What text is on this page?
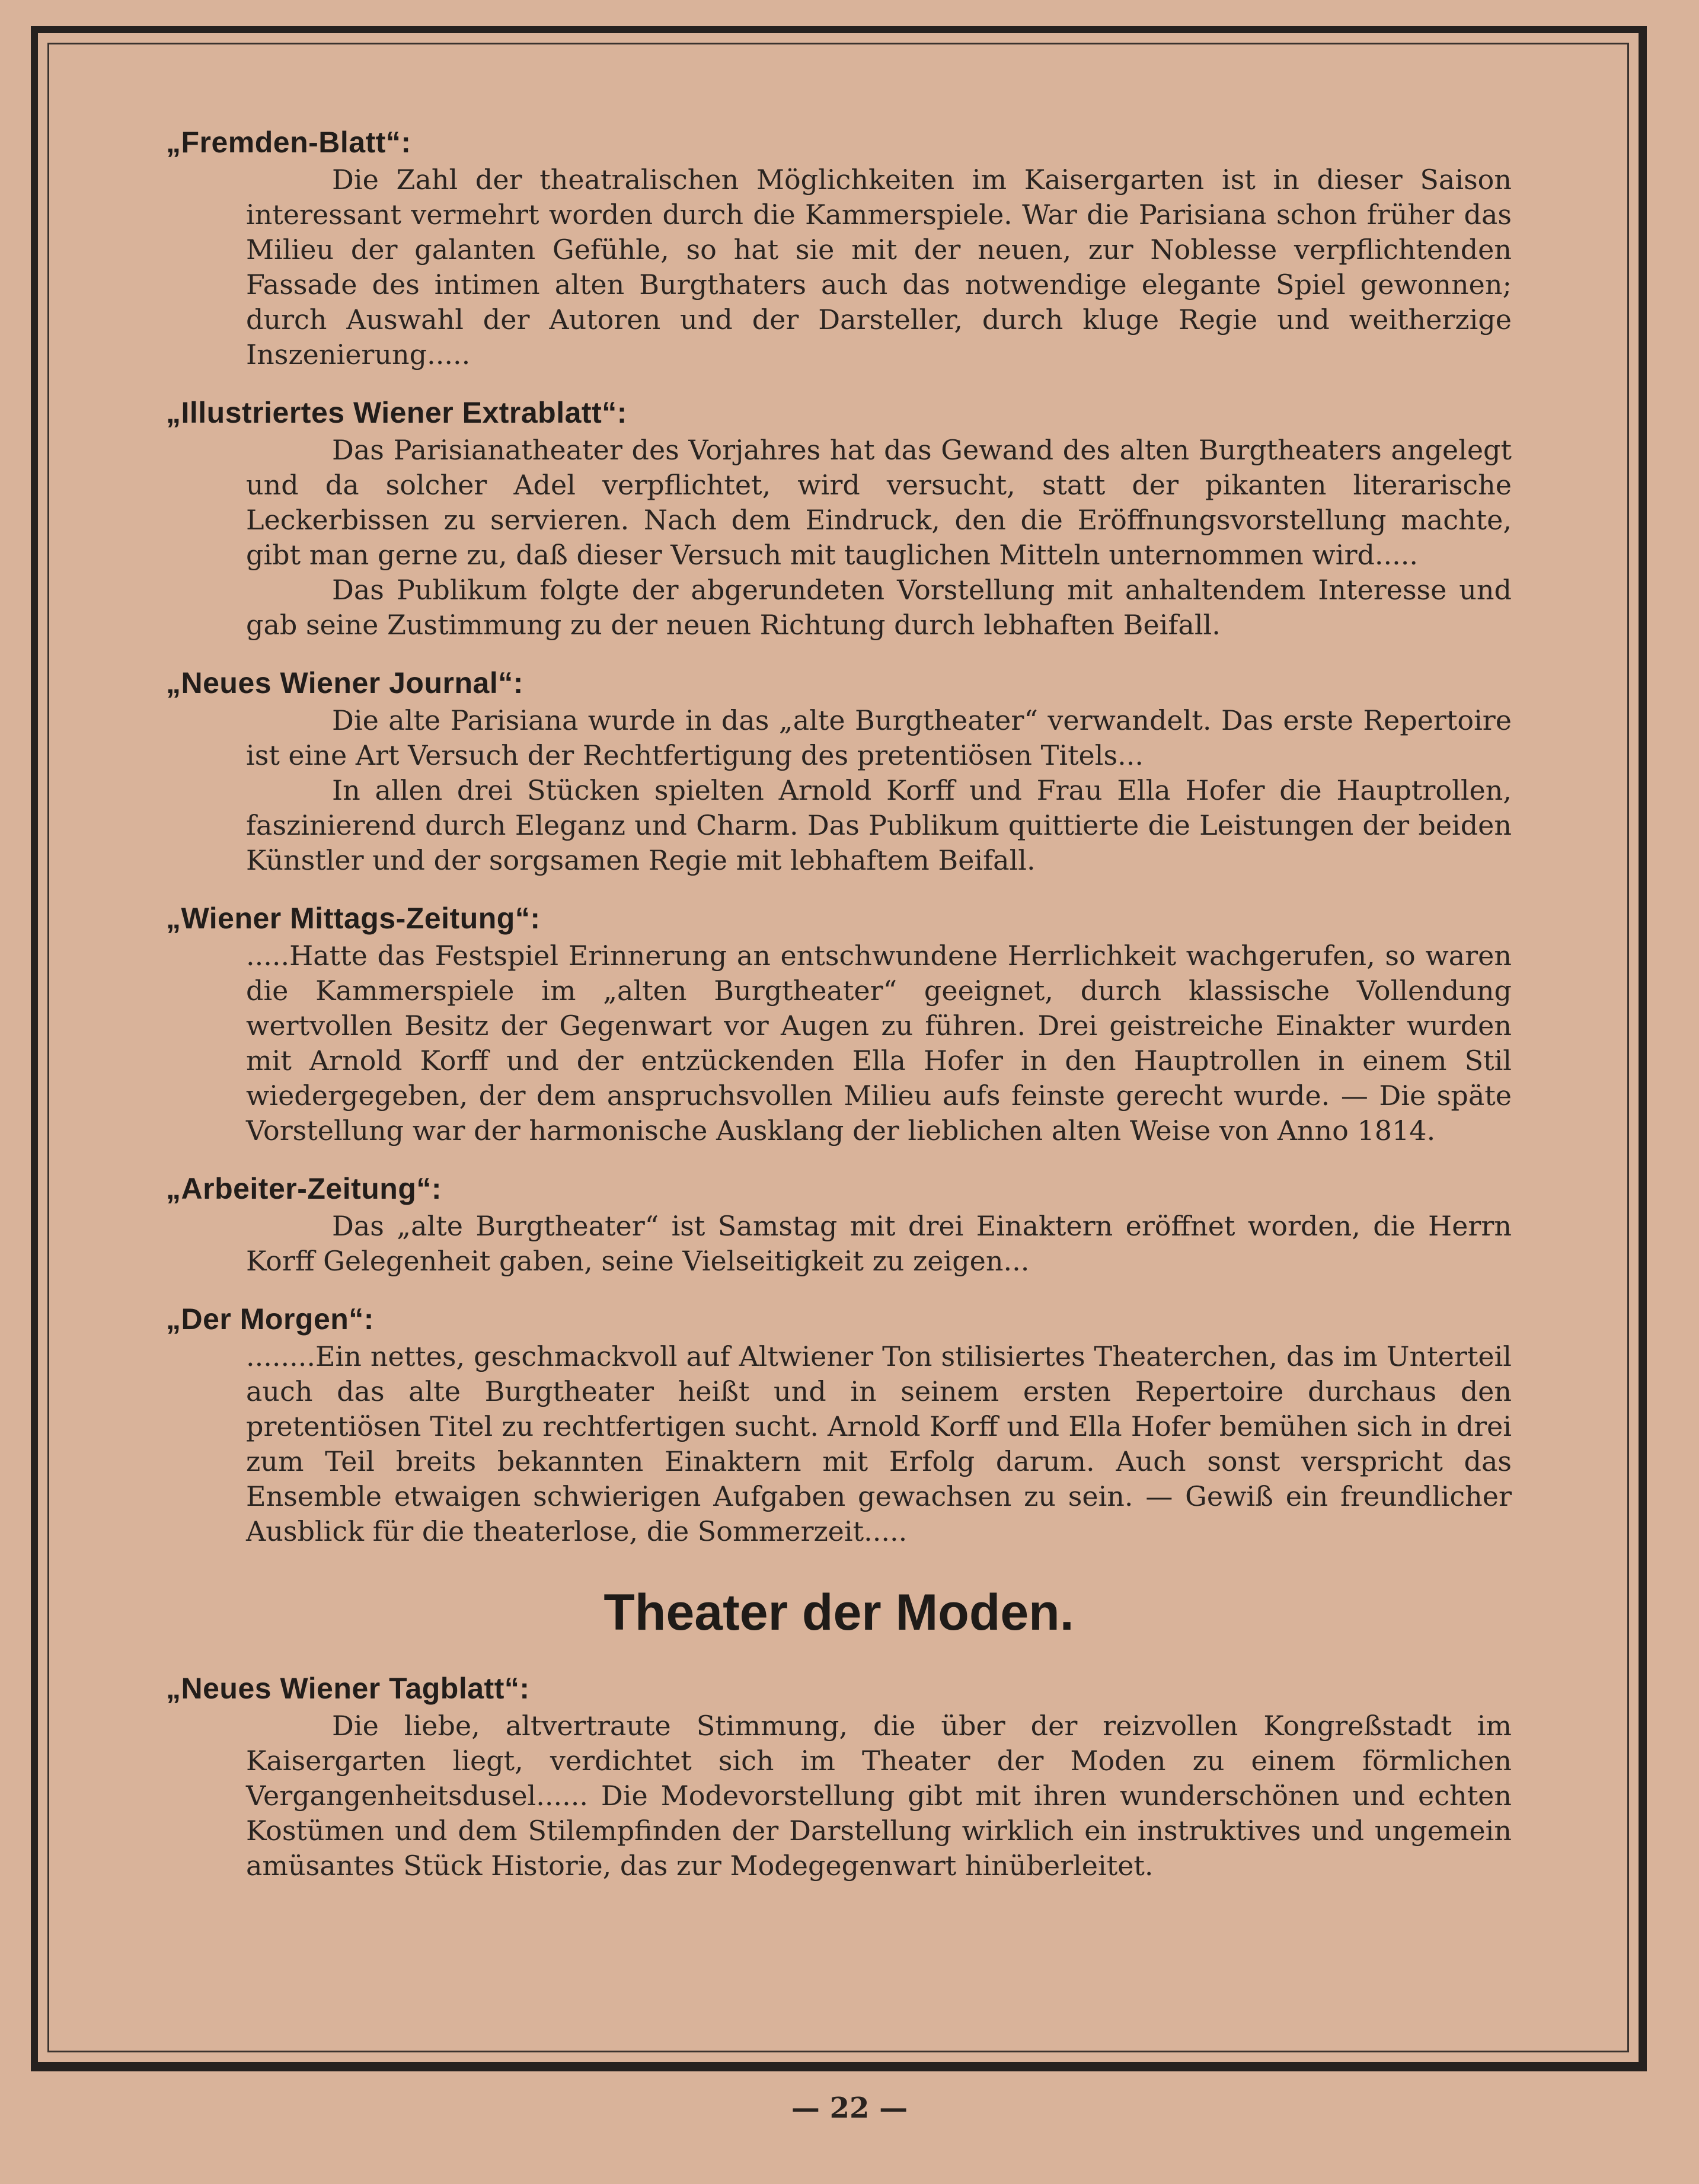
„Fremden-Blatt“:

Die Zahl der theatralischen Möglichkeiten im Kaisergarten ist in dieser Saison interessant vermehrt worden durch die Kammerspiele. War die Parisiana schon früher das Milieu der galanten Gefühle, so hat sie mit der neuen, zur Noblesse verpflichtenden Fassade des intimen alten Burgthaters auch das notwendige elegante Spiel gewonnen; durch Auswahl der Autoren und der Darsteller, durch kluge Regie und weitherzige Inszenierung.....

„Illustriertes Wiener Extrablatt“:

Das Parisianatheater des Vorjahres hat das Gewand des alten Burgtheaters angelegt und da solcher Adel verpflichtet, wird versucht, statt der pikanten literarische Leckerbissen zu servieren. Nach dem Eindruck, den die Eröffnungsvorstellung machte, gibt man gerne zu, daß dieser Versuch mit tauglichen Mitteln unternommen wird.....

Das Publikum folgte der abgerundeten Vorstellung mit anhaltendem Interesse und gab seine Zustimmung zu der neuen Richtung durch lebhaften Beifall.

„Neues Wiener Journal“:

Die alte Parisiana wurde in das „alte Burgtheater“ verwandelt. Das erste Repertoire ist eine Art Versuch der Rechtfertigung des pretentiösen Titels...

In allen drei Stücken spielten Arnold Korff und Frau Ella Hofer die Hauptrollen, faszinierend durch Eleganz und Charm. Das Publikum quittierte die Leistungen der beiden Künstler und der sorgsamen Regie mit lebhaftem Beifall.

„Wiener Mittags-Zeitung“:

.....Hatte das Festspiel Erinnerung an entschwundene Herrlichkeit wachgerufen, so waren die Kammerspiele im „alten Burgtheater“ geeignet, durch klassische Vollendung wertvollen Besitz der Gegenwart vor Augen zu führen. Drei geistreiche Einakter wurden mit Arnold Korff und der entzückenden Ella Hofer in den Hauptrollen in einem Stil wiedergegeben, der dem anspruchsvollen Milieu aufs feinste gerecht wurde. — Die späte Vorstellung war der harmonische Ausklang der lieblichen alten Weise von Anno 1814.

„Arbeiter-Zeitung“:

Das „alte Burgtheater“ ist Samstag mit drei Einaktern eröffnet worden, die Herrn Korff Gelegenheit gaben, seine Vielseitigkeit zu zeigen...

„Der Morgen“:

........Ein nettes, geschmackvoll auf Altwiener Ton stilisiertes Theaterchen, das im Unterteil auch das alte Burgtheater heißt und in seinem ersten Repertoire durchaus den pretentiösen Titel zu rechtfertigen sucht. Arnold Korff und Ella Hofer bemühen sich in drei zum Teil breits bekannten Einaktern mit Erfolg darum. Auch sonst verspricht das Ensemble etwaigen schwierigen Aufgaben gewachsen zu sein. — Gewiß ein freundlicher Ausblick für die theaterlose, die Sommerzeit.....

Theater der Moden.
„Neues Wiener Tagblatt“:

Die liebe, altvertraute Stimmung, die über der reizvollen Kongreßstadt im Kaisergarten liegt, verdichtet sich im Theater der Moden zu einem förmlichen Vergangenheitsdusel...... Die Modevorstellung gibt mit ihren wunderschönen und echten Kostümen und dem Stilempfinden der Darstellung wirklich ein instruktives und ungemein amüsantes Stück Historie, das zur Modegegenwart hinüberleitet.

— 22 —
